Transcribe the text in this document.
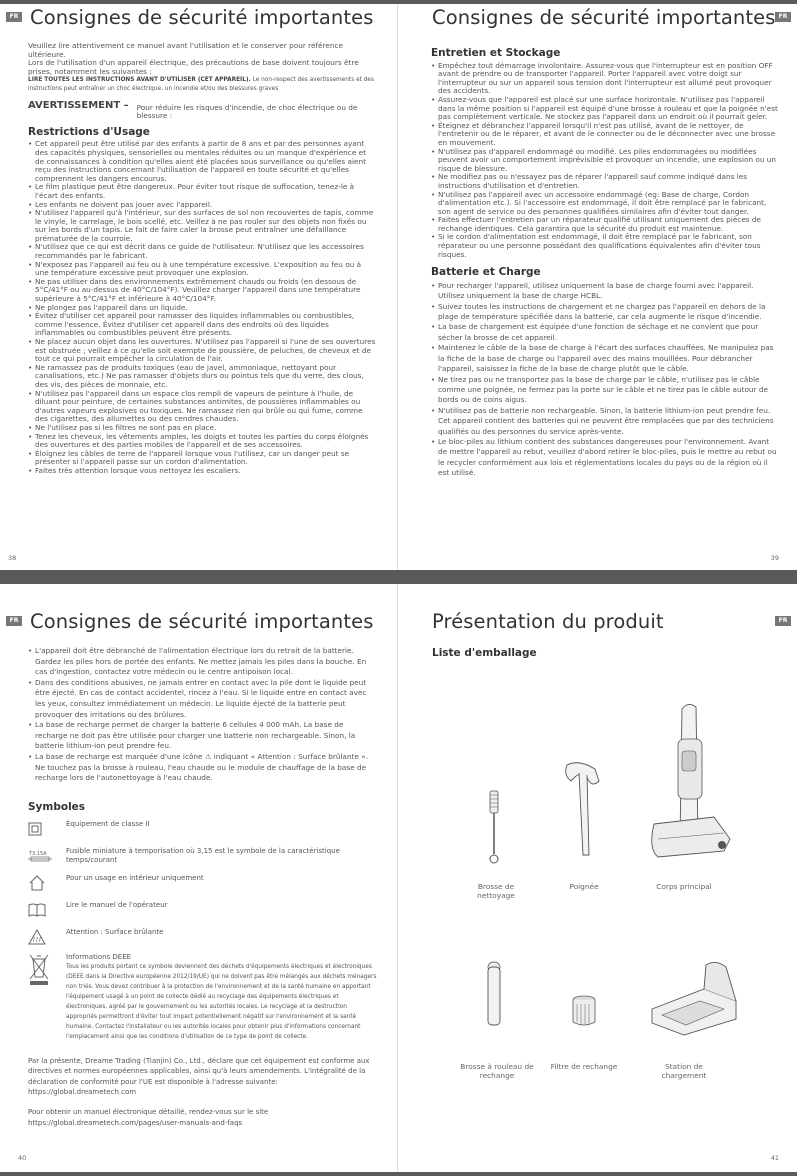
FR Consignes de sécurité importantes

Veuillez lire attentivement ce manuel avant l'utilisation et le conserver pour référence ultérieure.

Lors de l'utilisation d'un appareil électrique, des précautions de base doivent toujours être prises, notamment les suivantes :

LIRE TOUTES LES INSTRUCTIONS AVANT D'UTILISER (CET APPAREIL). Le non-respect des avertissements et des instructions peut entraîner un choc électrique, un incendie et/ou des blessures graves

AVERTISSEMENT – Pour réduire les risques d'incendie, de choc électrique ou de blessure :
Restrictions d'Usage
• Cet appareil peut être utilisé par des enfants à partir de 8 ans et par des personnes ayant des capacités physiques, sensorielles ou mentales réduites ou un manque d'expérience et de connaissances à condition qu'elles aient été placées sous surveillance ou qu'elles aient reçu des instructions concernant l'utilisation de l'appareil en toute sécurité et qu'elles comprennent les dangers encourus.
• Le film plastique peut être dangereux. Pour éviter tout risque de suffocation, tenez-le à l'écart des enfants.
• Les enfants ne doivent pas jouer avec l'appareil.
• N'utilisez l'appareil qu'à l'intérieur, sur des surfaces de sol non recouvertes de tapis, comme le vinyle, le carrelage, le bois scellé, etc. Veillez à ne pas rouler sur des objets non fixés ou sur les bords d'un tapis. Le fait de faire caler la brosse peut entraîner une défaillance prématurée de la courroie.
• N'utilisez que ce qui est décrit dans ce guide de l'utilisateur. N'utilisez que les accessoires recommandés par le fabricant.
• N'exposez pas l'appareil au feu ou à une température excessive. L'exposition au feu ou à une température excessive peut provoquer une explosion.
• Ne pas utiliser dans des environnements extrêmement chauds ou froids (en dessous de 5°C/41°F ou au-dessus de 40°C/104°F). Veuillez charger l'appareil dans une température supérieure à 5°C/41°F et inférieure à 40°C/104°F.
• Ne plongez pas l'appareil dans un liquide.
• Évitez d'utiliser cet appareil pour ramasser des liquides inflammables ou combustibles, comme l'essence. Évitez d'utiliser cet appareil dans des endroits où des liquides inflammables ou combustibles peuvent être présents.
• Ne placez aucun objet dans les ouvertures. N'utilisez pas l'appareil si l'une de ses ouvertures est obstruée ; veillez à ce qu'elle soit exempte de poussière, de peluches, de cheveux et de tout ce qui pourrait empêcher la circulation de l'air.
• Ne ramassez pas de produits toxiques (eau de javel, ammoniaque, nettoyant pour canalisations, etc.) Ne pas ramasser d'objets durs ou pointus tels que du verre, des clous, des vis, des pièces de monnaie, etc.
• N'utilisez pas l'appareil dans un espace clos rempli de vapeurs de peinture à l'huile, de diluant pour peinture, de certaines substances antimites, de poussières inflammables ou d'autres vapeurs explosives ou toxiques. Ne ramassez rien qui brûle ou qui fume, comme des cigarettes, des allumettes ou des cendres chaudes.
• Ne l'utilisez pas si les filtres ne sont pas en place.
• Tenez les cheveux, les vêtements amples, les doigts et toutes les parties du corps éloignés des ouvertures et des parties mobiles de l'appareil et de ses accessoires.
• Éloignez les câbles de terre de l'appareil lorsque vous l'utilisez, car un danger peut se présenter si l'appareil passe sur un cordon d'alimentation.
• Faites très attention lorsque vous nettoyez les escaliers.
38
Consignes de sécurité importantes FR
Entretien et Stockage
• Empêchez tout démarrage involontaire. Assurez-vous que l'interrupteur est en position OFF avant de prendre ou de transporter l'appareil. Porter l'appareil avec votre doigt sur l'interrupteur ou sur un appareil sous tension dont l'interrupteur est allumé peut provoquer des accidents.
• Assurez-vous que l'appareil est placé sur une surface horizontale. N'utilisez pas l'appareil dans la même position si l'appareil est équipé d'une brosse à rouleau et que la poignée n'est pas complètement verticale. Ne stockez pas l'appareil dans un endroit où il pourrait geler.
• Éteignez et débranchez l'appareil lorsqu'il n'est pas utilisé, avant de le nettoyer, de l'entretenir ou de le réparer, et avant de le connecter ou de le déconnecter avec une brosse en mouvement.
• N'utilisez pas d'appareil endommagé ou modifié. Les piles endommagées ou modifiées peuvent avoir un comportement imprévisible et provoquer un incendie, une explosion ou un risque de blessure.
• Ne modifiez pas ou n'essayez pas de réparer l'appareil sauf comme indiqué dans les instructions d'utilisation et d'entretien.
• N'utilisez pas l'appareil avec un accessoire endommagé (eg: Base de charge, Cordon d'alimentation etc.). Si l'accessoire est endommagé, il doit être remplacé par le fabricant, son agent de service ou des personnes qualifiées similaires afin d'éviter tout danger.
• Faites effectuer l'entretien par un réparateur qualifié utilisant uniquement des pièces de rechange identiques. Cela garantira que la sécurité du produit est maintenue.
• Si le cordon d'alimentation est endommagé, il doit être remplacé par le fabricant, son réparateur ou une personne possédant des qualifications équivalentes afin d'éviter tous risques.
Batterie et Charge
• Pour recharger l'appareil, utilisez uniquement la base de charge fourni avec l'appareil. Utilisez uniquement la base de charge HCBL.
• Suivez toutes les instructions de chargement et ne chargez pas l'appareil en dehors de la plage de température spécifiée dans la batterie, car cela augmente le risque d'incendie.
• La base de chargement est équipée d'une fonction de séchage et ne convient que pour sécher la brosse de cet appareil.
• Maintenez le câble de la base de charge à l'écart des surfaces chauffées. Ne manipulez pas la fiche de la base de charge ou l'appareil avec des mains mouillées. Pour débrancher l'appareil, saisissez la fiche de la base de charge plutôt que le câble.
• Ne tirez pas ou ne transportez pas la base de charge par le câble, n'utilisez pas le câble comme une poignée, ne fermez pas la porte sur le câble et ne tirez pas le câble autour de bords ou de coins aigus.
• N'utilisez pas de batterie non rechargeable. Sinon, la batterie lithium-ion peut prendre feu. Cet appareil contient des batteries qui ne peuvent être remplacées que par des techniciens qualifiés ou des personnes du service après-vente.
• Le bloc-piles au lithium contient des substances dangereuses pour l'environnement. Avant de mettre l'appareil au rebut, veuillez d'abord retirer le bloc-piles, puis le mettre au rebut ou le recycler conformément aux lois et réglementations locales du pays ou de la région où il est utilisé.
39
FR Consignes de sécurité importantes
• L'appareil doit être débranché de l'alimentation électrique lors du retrait de la batterie. Gardez les piles hors de portée des enfants. Ne mettez jamais les piles dans la bouche. En cas d'ingestion, contactez votre médecin ou le centre antipoison local.
• Dans des conditions abusives, ne jamais entrer en contact avec la pile dont le liquide peut être éjecté. En cas de contact accidentel, rincez à l'eau. Si le liquide entre en contact avec les yeux, consultez immédiatement un médecin. Le liquide éjecté de la batterie peut provoquer des irritations ou des brûlures.
• La base de recharge permet de charger la batterie 6 cellules 4 000 mAh. La base de recharge ne doit pas être utilisée pour charger une batterie non rechargeable. Sinon, la batterie lithium-ion peut prendre feu.
• La base de recharge est marquée d'une icône ⚠ indiquant « Attention : Surface brûlante ». Ne touchez pas la brosse à rouleau, l'eau chaude ou le module de chauffage de la base de recharge lors de l'autonettoyage à l'eau chaude.
Symboles
Équipement de classe II
T3.15A	Fusible miniature à temporisation où 3,15 est le symbole de la caractéristique temps/courant
Pour un usage en intérieur uniquement
Lire le manuel de l'opérateur
Attention : Surface brûlante
Informations DEEE
Tous les produits portant ce symbole deviennent des déchets d'équipements électriques et électroniques (DEEE dans la Directive européenne 2012/19/UE) qui ne doivent pas être mélangés aux déchets ménagers non triés. Vous devez contribuer à la protection de l'environnement et de la santé humaine en apportant l'équipement usagé à un point de collecte dédié au recyclage des équipements électriques et électroniques, agréé par le gouvernement ou les autorités locales. Le recyclage et la destruction appropriés permettront d'éviter tout impact potentiellement négatif sur l'environnement et la santé humaine. Contactez l'installateur ou les autorités locales pour obtenir plus d'informations concernant l'emplacement ainsi que les conditions d'utilisation de ce type de point de collecte.

Par la présente, Dreame Trading (Tianjin) Co., Ltd., déclare que cet équipement est conforme aux directives et normes européennes applicables, ainsi qu'à leurs amendements. L'intégralité de la déclaration de conformité pour l'UE est disponible à l'adresse suivante: https://global.dreametech.com

Pour obtenir un manuel électronique détaillé, rendez-vous sur le site https://global.dreametech.com/pages/user-manuals-and-faqs

40
Présentation du produit	FR
Liste d'emballage
Brosse de nettoyage
Poignée	Corps principal
Brosse à rouleau de rechange
Filtre de rechange	Station de chargement
41
